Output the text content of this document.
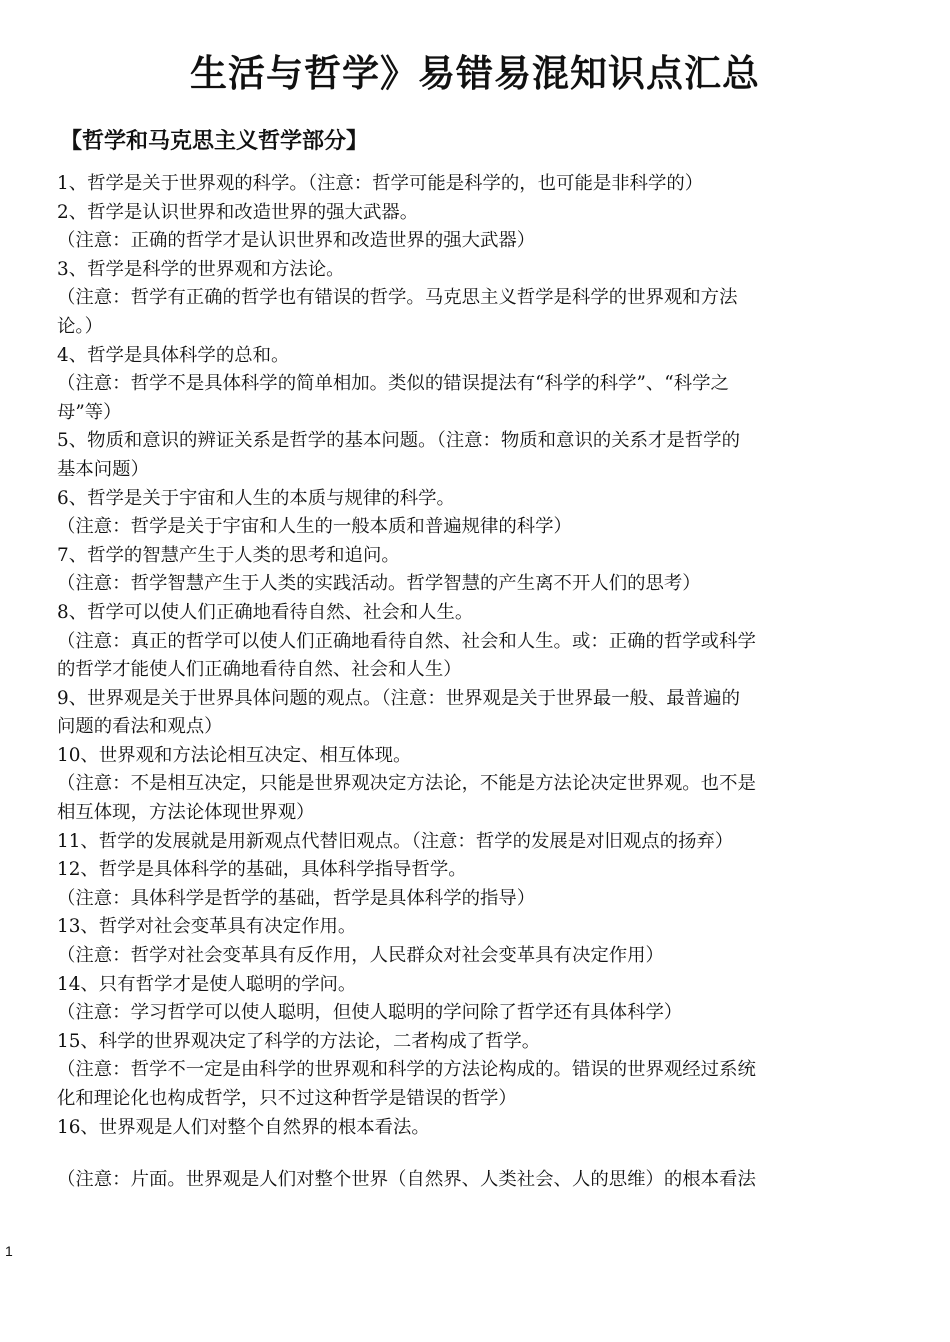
生活与哲学》易错易混知识点汇总
【哲学和马克思主义哲学部分】

1、哲学是关于世界观的科学。（注意：哲学可能是科学的，也可能是非科学的）

2、哲学是认识世界和改造世界的强大武器。

（注意：正确的哲学才是认识世界和改造世界的强大武器）

3、哲学是科学的世界观和方法论。

（注意：哲学有正确的哲学也有错误的哲学。马克思主义哲学是科学的世界观和方法

论。）

4、哲学是具体科学的总和。

（注意：哲学不是具体科学的简单相加。类似的错误提法有“科学的科学”、“科学之

母”等）

5、物质和意识的辨证关系是哲学的基本问题。（注意：物质和意识的关系才是哲学的

基本问题）

6、哲学是关于宇宙和人生的本质与规律的科学。

（注意：哲学是关于宇宙和人生的一般本质和普遍规律的科学）

7、哲学的智慧产生于人类的思考和追问。

（注意：哲学智慧产生于人类的实践活动。哲学智慧的产生离不开人们的思考）

8、哲学可以使人们正确地看待自然、社会和人生。

（注意：真正的哲学可以使人们正确地看待自然、社会和人生。或：正确的哲学或科学

的哲学才能使人们正确地看待自然、社会和人生）

9、世界观是关于世界具体问题的观点。（注意：世界观是关于世界最一般、最普遍的

问题的看法和观点）

10、世界观和方法论相互决定、相互体现。

（注意：不是相互决定，只能是世界观决定方法论，不能是方法论决定世界观。也不是

相互体现，方法论体现世界观）

11、哲学的发展就是用新观点代替旧观点。（注意：哲学的发展是对旧观点的扬弃）

12、哲学是具体科学的基础，具体科学指导哲学。

（注意：具体科学是哲学的基础，哲学是具体科学的指导）

13、哲学对社会变革具有决定作用。

（注意：哲学对社会变革具有反作用，人民群众对社会变革具有决定作用）

14、只有哲学才是使人聪明的学问。

（注意：学习哲学可以使人聪明，但使人聪明的学问除了哲学还有具体科学）

15、科学的世界观决定了科学的方法论，二者构成了哲学。

（注意：哲学不一定是由科学的世界观和科学的方法论构成的。错误的世界观经过系统

化和理论化也构成哲学，只不过这种哲学是错误的哲学）

16、世界观是人们对整个自然界的根本看法。

（注意：片面。世界观是人们对整个世界（自然界、人类社会、人的思维）的根本看法

1
